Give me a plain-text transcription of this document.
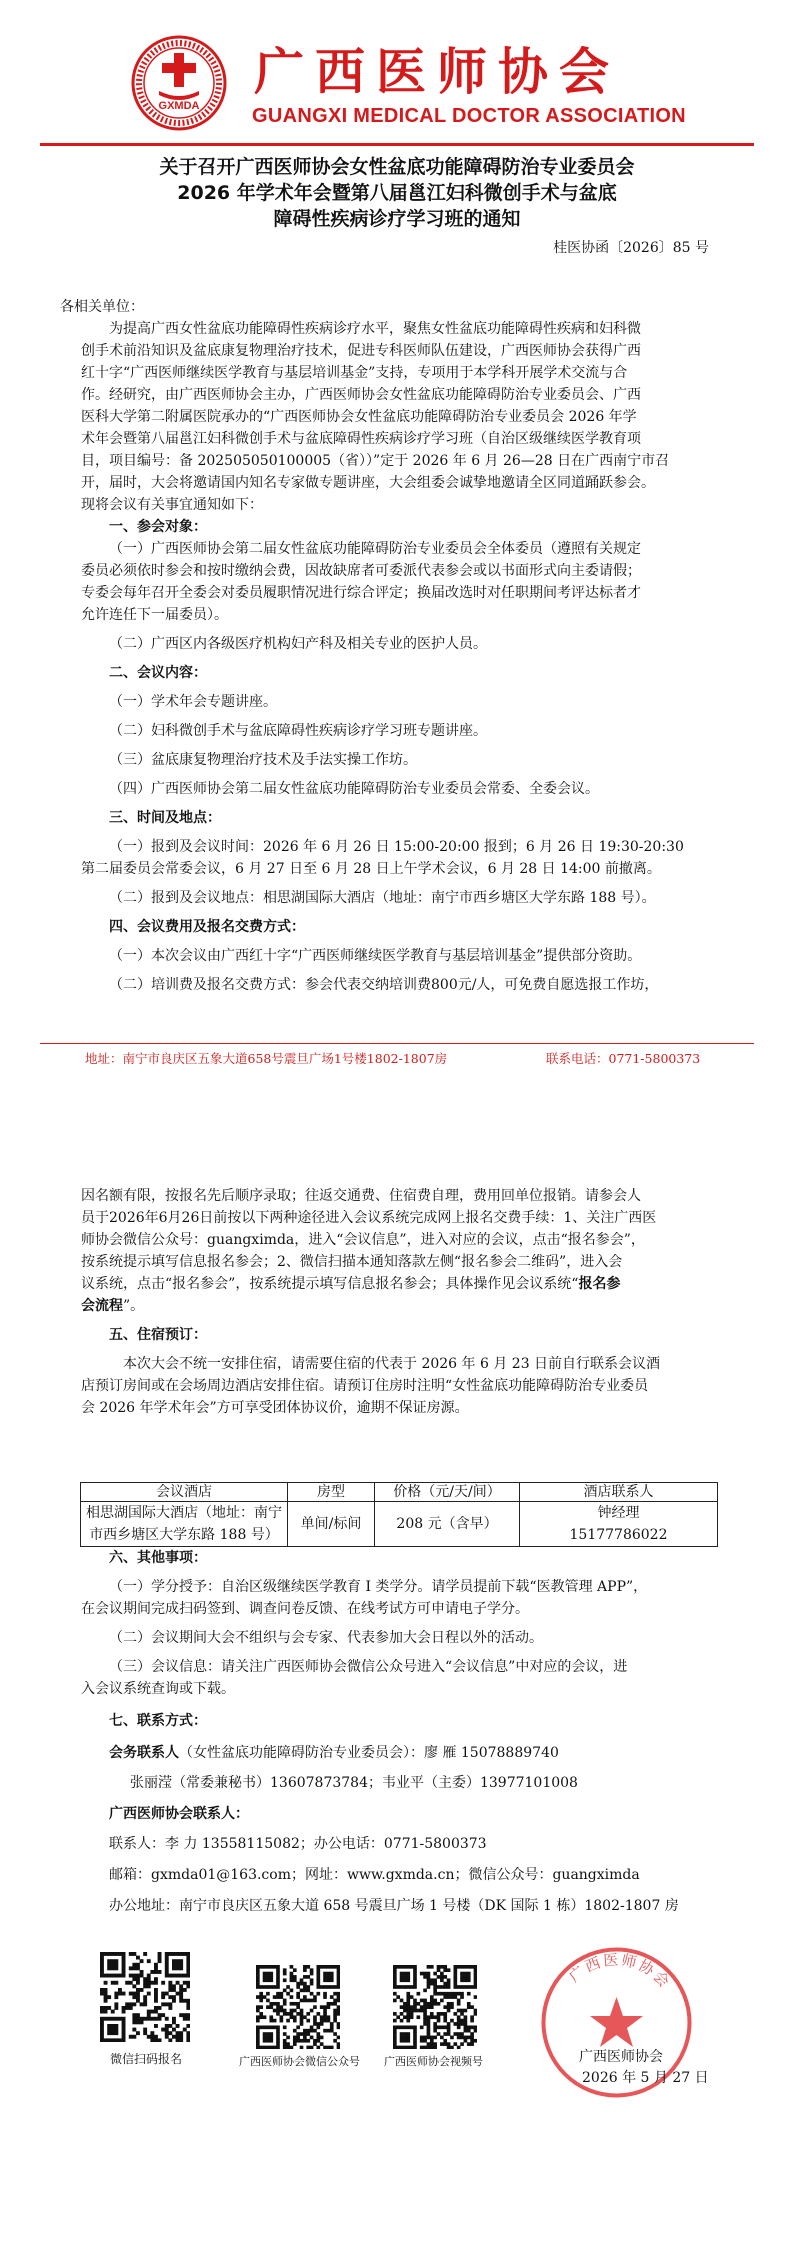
GXMDA
广西医师协会
GUANGXI MEDICAL DOCTOR ASSOCIATION
关于召开广西医师协会女性盆底功能障碍防治专业委员会
2026 年学术年会暨第八届邕江妇科微创手术与盆底
障碍性疾病诊疗学习班的通知
桂医协函〔2026〕85 号

各相关单位：

为提高广西女性盆底功能障碍性疾病诊疗水平，聚焦女性盆底功能障碍性疾病和妇科微

创手术前沿知识及盆底康复物理治疗技术，促进专科医师队伍建设，广西医师协会获得广西

红十字“广西医师继续医学教育与基层培训基金”支持，专项用于本学科开展学术交流与合

作。经研究，由广西医师协会主办，广西医师协会女性盆底功能障碍防治专业委员会、广西

医科大学第二附属医院承办的“广西医师协会女性盆底功能障碍防治专业委员会 2026 年学

术年会暨第八届邕江妇科微创手术与盆底障碍性疾病诊疗学习班（自治区级继续医学教育项

目，项目编号：备 202505050100005（省））”定于 2026 年 6 月 26—28 日在广西南宁市召

开，届时，大会将邀请国内知名专家做专题讲座，大会组委会诚挚地邀请全区同道踊跃参会。

现将会议有关事宜通知如下：

一、参会对象：

（一）广西医师协会第二届女性盆底功能障碍防治专业委员会全体委员（遵照有关规定

委员必须依时参会和按时缴纳会费，因故缺席者可委派代表参会或以书面形式向主委请假；

专委会每年召开全委会对委员履职情况进行综合评定；换届改选时对任职期间考评达标者才

允许连任下一届委员）。

（二）广西区内各级医疗机构妇产科及相关专业的医护人员。

二、会议内容：

（一）学术年会专题讲座。

（二）妇科微创手术与盆底障碍性疾病诊疗学习班专题讲座。

（三）盆底康复物理治疗技术及手法实操工作坊。

（四）广西医师协会第二届女性盆底功能障碍防治专业委员会常委、全委会议。

三、时间及地点：

（一）报到及会议时间：2026 年 6 月 26 日 15:00-20:00 报到；6 月 26 日 19:30-20:30

第二届委员会常委会议，6 月 27 日至 6 月 28 日上午学术会议，6 月 28 日 14:00 前撤离。

（二）报到及会议地点：相思湖国际大酒店（地址：南宁市西乡塘区大学东路 188 号）。

四、会议费用及报名交费方式：

（一）本次会议由广西红十字“广西医师继续医学教育与基层培训基金”提供部分资助。

（二）培训费及报名交费方式：参会代表交纳培训费800元/人，可免费自愿选报工作坊，

地址：南宁市良庆区五象大道658号震旦广场1号楼1802-1807房	联系电话：0771-5800373

因名额有限，按报名先后顺序录取；往返交通费、住宿费自理，费用回单位报销。请参会人

员于2026年6月26日前按以下两种途径进入会议系统完成网上报名交费手续：1、关注广西医

师协会微信公众号：guangximda，进入“会议信息”，进入对应的会议，点击“报名参会”，

按系统提示填写信息报名参会；2、微信扫描本通知落款左侧“报名参会二维码”，进入会

议系统，点击“报名参会”，按系统提示填写信息报名参会；具体操作见会议系统“报名参

会流程”。

五、住宿预订：

本次大会不统一安排住宿，请需要住宿的代表于 2026 年 6 月 23 日前自行联系会议酒

店预订房间或在会场周边酒店安排住宿。请预订住房时注明“女性盆底功能障碍防治专业委员

会 2026 年学术年会”方可享受团体协议价，逾期不保证房源。

会议酒店	房型	价格（元/天/间）	酒店联系人
相思湖国际大酒店（地址：南宁
市西乡塘区大学东路 188 号）	单间/标间	208 元（含早）	钟经理
15177786022

六、其他事项：

（一）学分授予：自治区级继续医学教育 I 类学分。请学员提前下载“医教管理 APP”，

在会议期间完成扫码签到、调查问卷反馈、在线考试方可申请电子学分。

（二）会议期间大会不组织与会专家、代表参加大会日程以外的活动。

（三）会议信息：请关注广西医师协会微信公众号进入“会议信息”中对应的会议，进

入会议系统查询或下载。

七、联系方式：

会务联系人（女性盆底功能障碍防治专业委员会）：廖 雁 15078889740

张丽滢（常委兼秘书）13607873784；韦业平（主委）13977101008

广西医师协会联系人：

联系人：李 力 13558115082；办公电话：0771-5800373

邮箱：gxmda01@163.com；网址：www.gxmda.cn；微信公众号：guangximda

办公地址：南宁市良庆区五象大道 658 号震旦广场 1 号楼（DK 国际 1 栋）1802-1807 房

微信扫码报名	广西医师协会微信公众号 广西医师协会视频号
广西医师协会
广西医师协会
2026 年 5 月 27 日
